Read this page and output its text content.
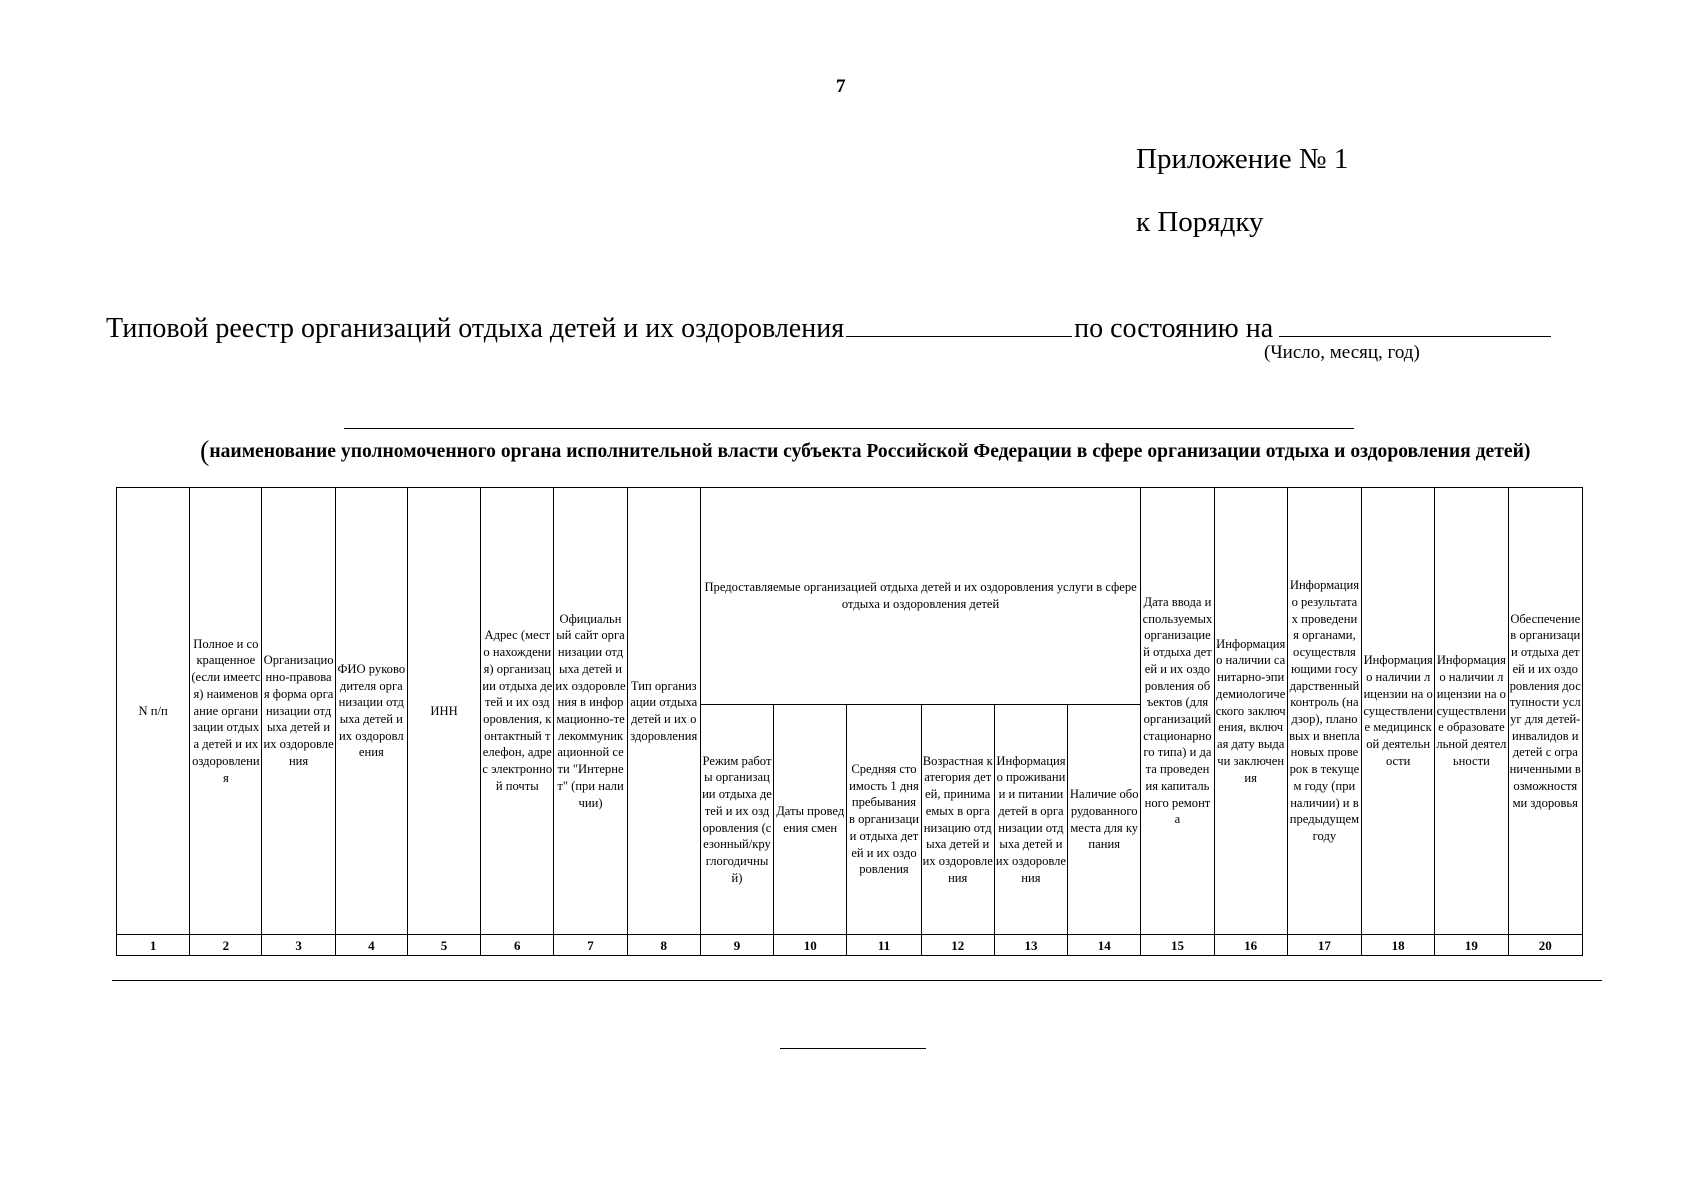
7
Приложение № 1
к Порядку
Типовой реестр организаций отдыха детей и их оздоровления	по состоянию на
(Число, месяц, год)
(наименование уполномоченного органа исполнительной власти субъекта Российской Федерации в сфере организации отдыха и оздоровления детей)
N п/п	Полное и сокращенное (если имеется) наименование организации отдыха детей и их оздоровления	Организационно-правовая форма организации отдыха детей и их оздоровления	ФИО руководителя организации отдыха детей и их оздоровления	ИНН	Адрес (место нахождения) организации отдыха детей и их оздоровления, контактный телефон, адрес электронной почты	Официальный сайт организации отдыха детей и их оздоровления в информационно-телекоммуникационной сети "Интернет" (при наличии)	Тип организации отдыха детей и их оздоровления	Предоставляемые организацией отдыха детей и их оздоровления услуги в сфере отдыха и оздоровления детей						Дата ввода используемых организацией отдыха детей и их оздоровления объектов (для организаций стационарного типа) и дата проведения капитального ремонта	Информация о наличии санитарно-эпидемиологического заключения, включая дату выдачи заключения	Информация о результатах проведения органами, осуществляющими государственный контроль (надзор), плановых и внеплановых проверок в текущем году (при наличии) и в предыдущем году	Информация о наличии лицензии на осуществление медицинской деятельности	Информация о наличии лицензии на осуществление образовательной деятельности	Обеспечение в организации отдыха детей и их оздоровления доступности услуг для детей-инвалидов и детей с ограниченными возможностями здоровья
								Режим работы организации отдыха детей и их оздоровления (сезонный/круглогодичный)	Даты проведения смен	Средняя стоимость 1 дня пребывания в организации отдыха детей и их оздоровления	Возрастная категория детей, принимаемых в организацию отдыха детей и их оздоровления	Информация о проживании и питании детей в организации отдыха детей и их оздоровления	Наличие оборудованного места для купания						
1	2	3	4	5	6	7	8	9	10	11	12	13	14	15	16	17	18	19	20
